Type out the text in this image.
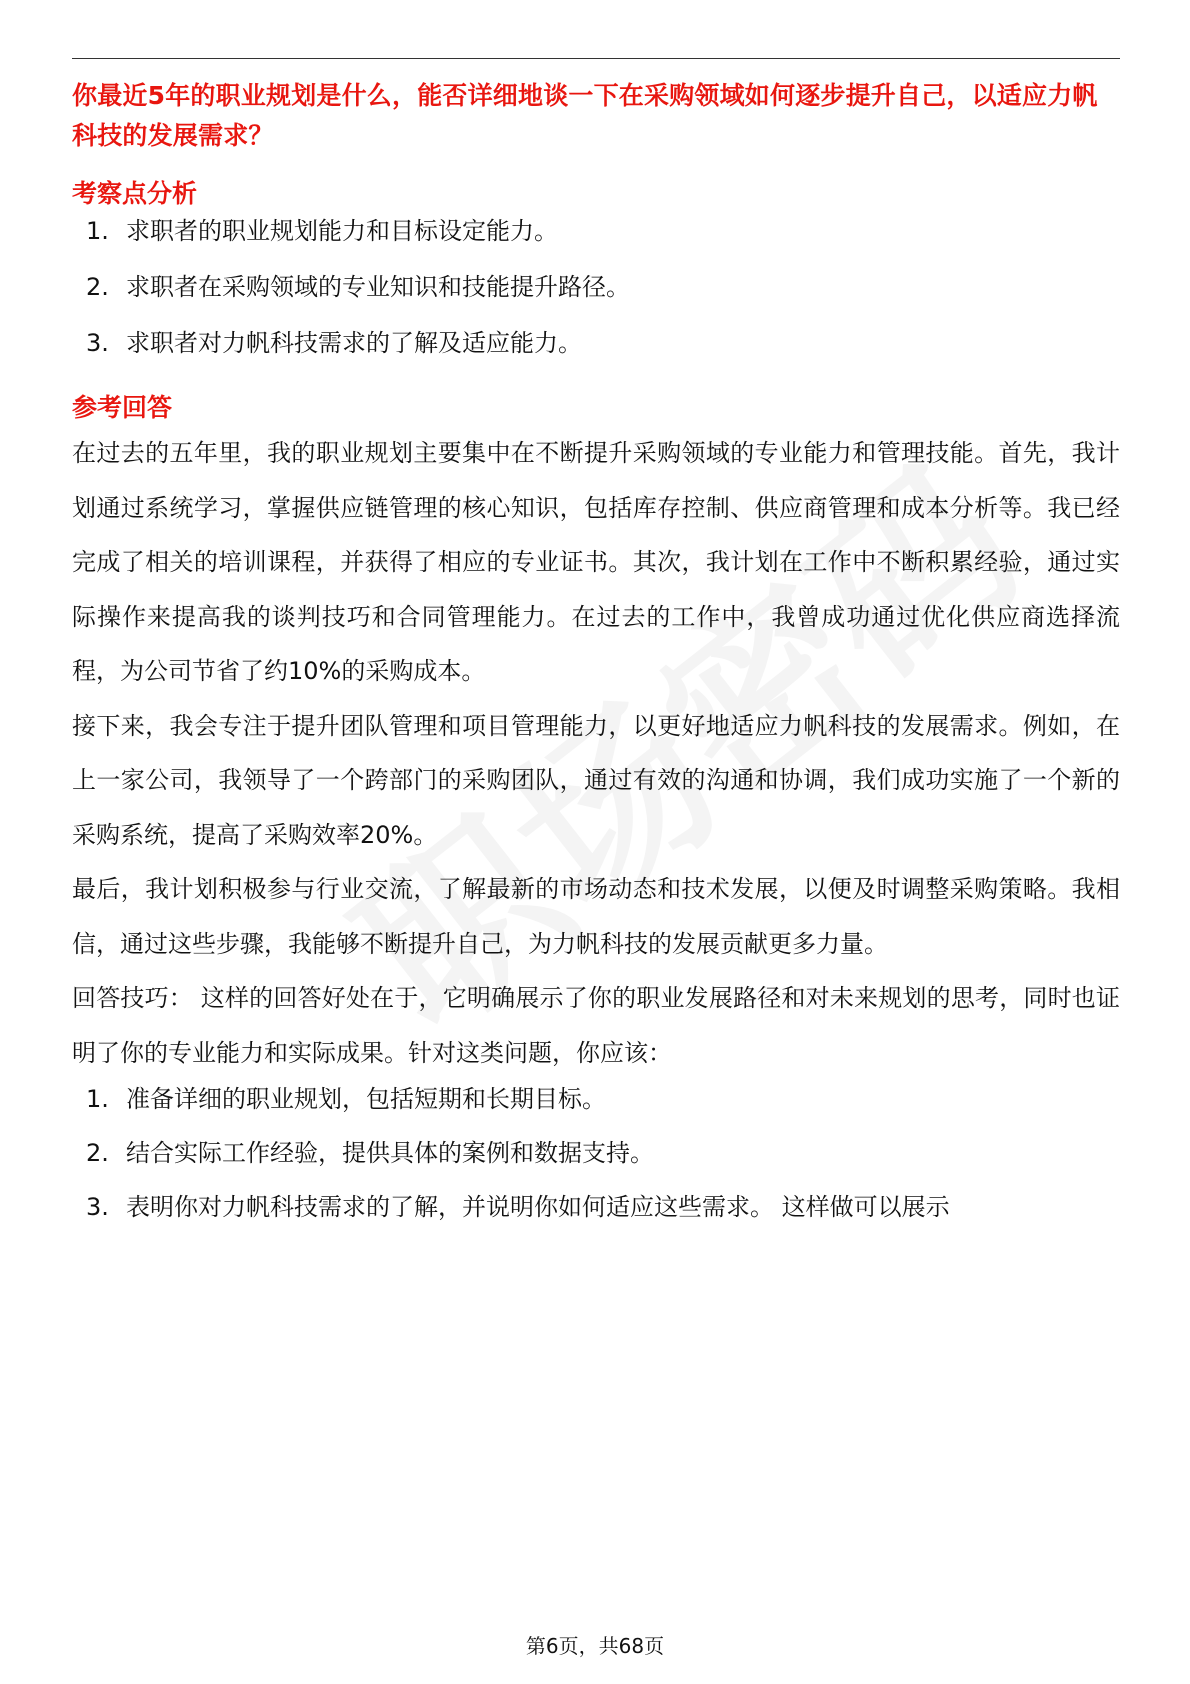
你最近5年的职业规划是什么，能否详细地谈一下在采购领域如何逐步提升自己，以适应力帆科技的发展需求？
考察点分析
1. 求职者的职业规划能力和目标设定能力。
2. 求职者在采购领域的专业知识和技能提升路径。
3. 求职者对力帆科技需求的了解及适应能力。
参考回答

在过去的五年里，我的职业规划主要集中在不断提升采购领域的专业能力和管理技能。首先，我计划通过系统学习，掌握供应链管理的核心知识，包括库存控制、供应商管理和成本分析等。我已经完成了相关的培训课程，并获得了相应的专业证书。其次，我计划在工作中不断积累经验，通过实际操作来提高我的谈判技巧和合同管理能力。在过去的工作中，我曾成功通过优化供应商选择流程，为公司节省了约10%的采购成本。

接下来，我会专注于提升团队管理和项目管理能力，以更好地适应力帆科技的发展需求。例如，在上一家公司，我领导了一个跨部门的采购团队，通过有效的沟通和协调，我们成功实施了一个新的采购系统，提高了采购效率20%。

最后，我计划积极参与行业交流，了解最新的市场动态和技术发展，以便及时调整采购策略。我相信，通过这些步骤，我能够不断提升自己，为力帆科技的发展贡献更多力量。

回答技巧： 这样的回答好处在于，它明确展示了你的职业发展路径和对未来规划的思考，同时也证明了你的专业能力和实际成果。针对这类问题，你应该：

1. 准备详细的职业规划，包括短期和长期目标。
2. 结合实际工作经验，提供具体的案例和数据支持。
3. 表明你对力帆科技需求的了解，并说明你如何适应这些需求。 这样做可以展示
第6页，共68页
